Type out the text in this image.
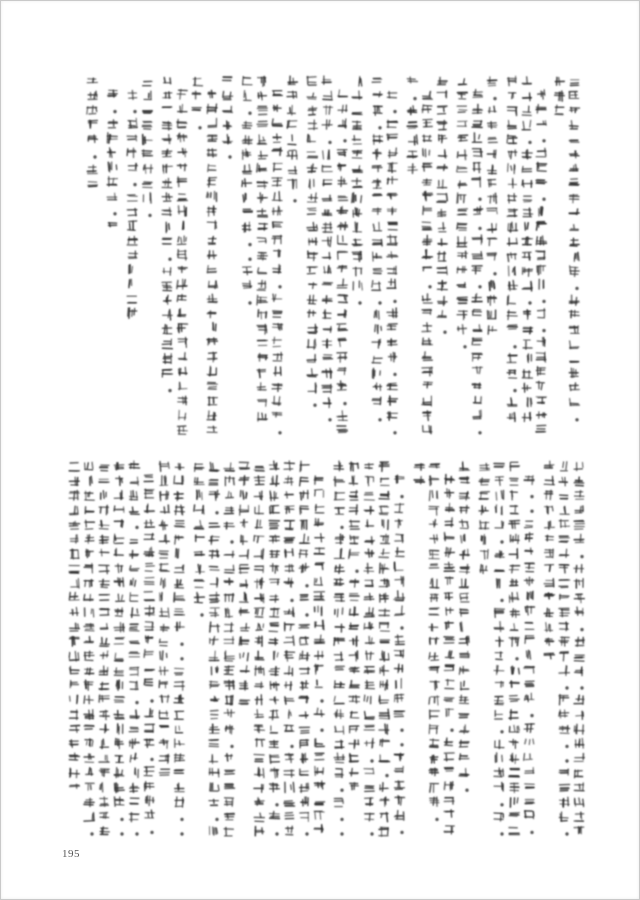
195
